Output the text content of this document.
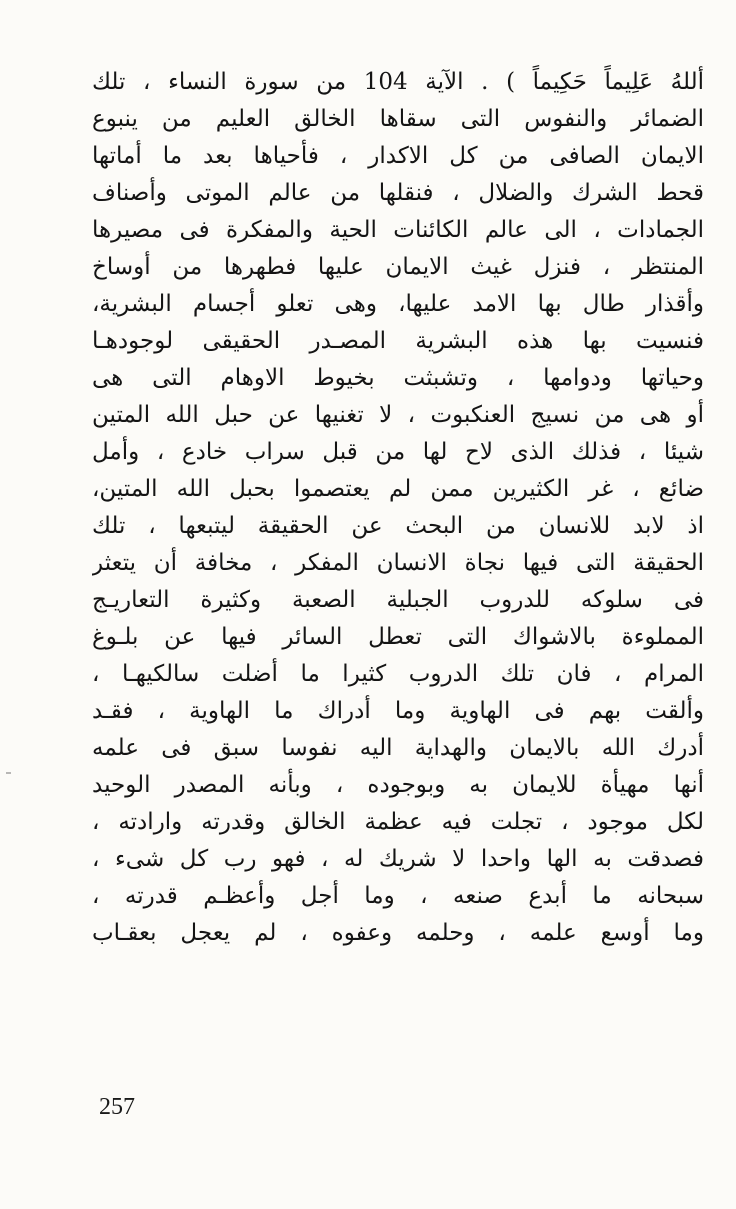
أللهُ عَلِيماً حَكِيماً ) . الآية 104 من سورة النساء ، تلك
الضمائر والنفوس التى سقاها الخالق العليم من ينبوع
الايمان الصافى من كل الاكدار ، فأحياها بعد ما أماتها
قحط الشرك والضلال ، فنقلها من عالم الموتى وأصناف
الجمادات ، الى عالم الكائنات الحية والمفكرة فى مصيرها
المنتظر ، فنزل غيث الايمان عليها فطهرها من أوساخ
وأقذار طال بها الامد عليها، وهى تعلو أجسام البشرية،
فنسيت بها هذه البشرية المصـدر الحقيقى لوجودهـا
وحياتها ودوامها ، وتشبثت بخيوط الاوهام التى هى
أو هى من نسيج العنكبوت ، لا تغنيها عن حبل الله المتين
شيئا ، فذلك الذى لاح لها من قبل سراب خادع ، وأمل
ضائع ، غر الكثيرين ممن لم يعتصموا بحبل الله المتين،
اذ لابد للانسان من البحث عن الحقيقة ليتبعها ، تلك
الحقيقة التى فيها نجاة الانسان المفكر ، مخافة أن يتعثر
فى سلوكه للدروب الجبلية الصعبة وكثيرة التعاريـج
المملوءة بالاشواك التى تعطل السائر فيها عن بلـوغ
المرام ، فان تلك الدروب كثيرا ما أضلت سالكيهـا ،
وألقت بهم فى الهاوية وما أدراك ما الهاوية ، فقـد
أدرك الله بالايمان والهداية اليه نفوسا سبق فى علمه
أنها مهيأة للايمان به وبوجوده ، وبأنه المصدر الوحيد
لكل موجود ، تجلت فيه عظمة الخالق وقدرته وارادته ،
فصدقت به الها واحدا لا شريك له ، فهو رب كل شىء ،
سبحانه ما أبدع صنعه ، وما أجل وأعظـم قدرته ،
وما أوسع علمه ، وحلمه وعفوه ، لم يعجل بعقـاب
257
